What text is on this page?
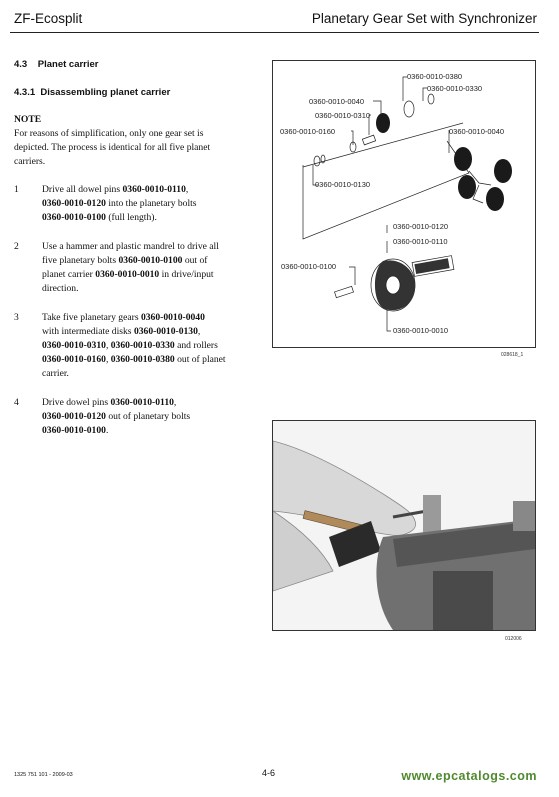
ZF-Ecosplit	Planetary Gear Set with Synchronizer
4.3    Planet carrier
4.3.1  Disassembling planet carrier
NOTE
For reasons of simplification, only one gear set is
depicted. The process is identical for all five planet
carriers.
1 Drive all dowel pins 0360-0010-0110,
0360-0010-0120 into the planetary bolts
0360-0010-0100 (full length).
2 Use a hammer and plastic mandrel to drive all
five planetary bolts 0360-0010-0100 out of
planet carrier 0360-0010-0010 in drive/input
direction.
3 Take five planetary gears 0360-0010-0040
with intermediate disks 0360-0010-0130,
0360-0010-0310, 0360-0010-0330 and rollers
0360-0010-0160, 0360-0010-0380 out of planet
carrier.
4 Drive dowel pins 0360-0010-0110,
0360-0010-0120 out of planetary bolts
0360-0010-0100.
0360-0010-0380
0360-0010-0330
0360-0010-0040
0360-0010-0310
0360-0010-0160	0360-0010-0040
0360-0010-0130
0360-0010-0120
0360-0010-0110
0360-0010-0100
0360-0010-0010
028618_1
012006
1325 751 101 - 2009-03	4-6	www.epcatalogs.com
